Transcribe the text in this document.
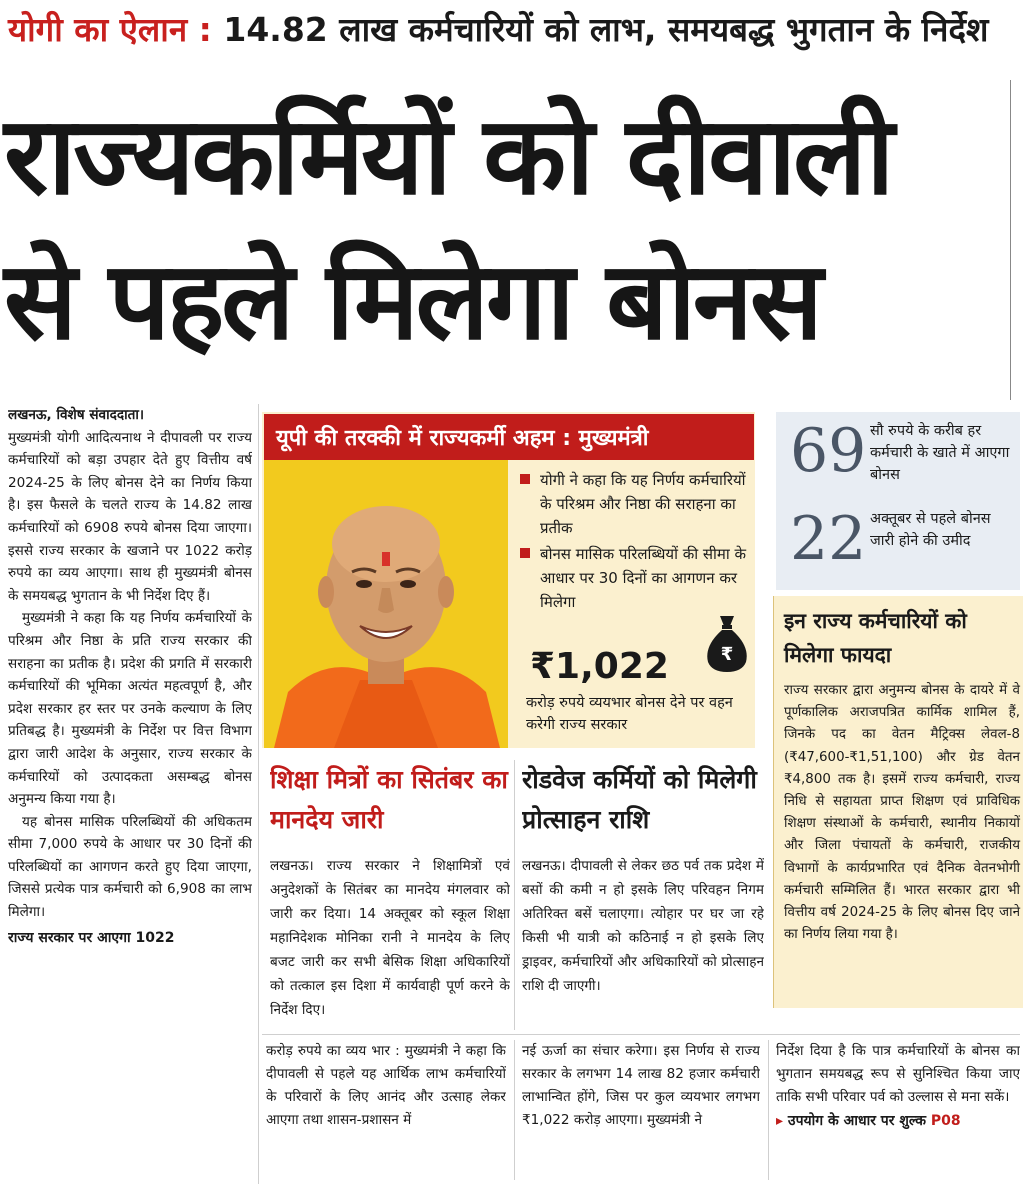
योगी का ऐलान : 14.82 लाख कर्मचारियों को लाभ, समयबद्ध भुगतान के निर्देश
राज्यकर्मियों को दीवाली
से पहले मिलेगा बोनस

लखनऊ, विशेष संवाददाता।

मुख्यमंत्री योगी आदित्यनाथ ने दीपावली पर राज्य कर्मचारियों को बड़ा उपहार देते हुए वित्तीय वर्ष 2024-25 के लिए बोनस देने का निर्णय किया है। इस फैसले के चलते राज्य के 14.82 लाख कर्मचारियों को 6908 रुपये बोनस दिया जाएगा। इससे राज्य सरकार के खजाने पर 1022 करोड़ रुपये का व्यय आएगा। साथ ही मुख्यमंत्री बोनस के समयबद्ध भुगतान के भी निर्देश दिए हैं।

मुख्यमंत्री ने कहा कि यह निर्णय कर्मचारियों के परिश्रम और निष्ठा के प्रति राज्य सरकार की सराहना का प्रतीक है। प्रदेश की प्रगति में सरकारी कर्मचारियों की भूमिका अत्यंत महत्वपूर्ण है, और प्रदेश सरकार हर स्तर पर उनके कल्याण के लिए प्रतिबद्ध है। मुख्यमंत्री के निर्देश पर वित्त विभाग द्वारा जारी आदेश के अनुसार, राज्य सरकार के कर्मचारियों को उत्पादकता असम्बद्ध बोनस अनुमन्य किया गया है।

यह बोनस मासिक परिलब्धियों की अधिकतम सीमा 7,000 रुपये के आधार पर 30 दिनों की परिलब्धियों का आगणन करते हुए दिया जाएगा, जिससे प्रत्येक पात्र कर्मचारी को 6,908 का लाभ मिलेगा।

राज्य सरकार पर आएगा 1022

यूपी की तरक्की में राज्यकर्मी अहम : मुख्यमंत्री
योगी ने कहा कि यह निर्णय कर्मचारियों के परिश्रम और निष्ठा की सराहना का प्रतीक
बोनस मासिक परिलब्धियों की सीमा के आधार पर 30 दिनों का आगणन कर मिलेगा
₹1,022	₹
करोड़ रुपये व्ययभार बोनस देने पर वहन करेगी राज्य सरकार
69 सौ रुपये के करीब हर कर्मचारी के खाते में आएगा बोनस
22 अक्तूबर से पहले बोनस जारी होने की उमीद
इन राज्य कर्मचारियों को मिलेगा फायदा
राज्य सरकार द्वारा अनुमन्य बोनस के दायरे में वे पूर्णकालिक अराजपत्रित कार्मिक शामिल हैं, जिनके पद का वेतन मैट्रिक्स लेवल-8 (₹47,600-₹1,51,100) और ग्रेड वेतन ₹4,800 तक है। इसमें राज्य कर्मचारी, राज्य निधि से सहायता प्राप्त शिक्षण एवं प्राविधिक शिक्षण संस्थाओं के कर्मचारी, स्थानीय निकायों और जिला पंचायतों के कर्मचारी, राजकीय विभागों के कार्यप्रभारित एवं दैनिक वेतनभोगी कर्मचारी सम्मिलित हैं। भारत सरकार द्वारा भी वित्तीय वर्ष 2024-25 के लिए बोनस दिए जाने का निर्णय लिया गया है।
शिक्षा मित्रों का सितंबर का मानदेय जारी

लखनऊ। राज्य सरकार ने शिक्षामित्रों एवं अनुदेशकों के सितंबर का मानदेय मंगलवार को जारी कर दिया। 14 अक्तूबर को स्कूल शिक्षा महानिदेशक मोनिका रानी ने मानदेय के लिए बजट जारी कर सभी बेसिक शिक्षा अधिकारियों को तत्काल इस दिशा में कार्यवाही पूर्ण करने के निर्देश दिए।

रोडवेज कर्मियों को मिलेगी प्रोत्साहन राशि

लखनऊ। दीपावली से लेकर छठ पर्व तक प्रदेश में बसों की कमी न हो इसके लिए परिवहन निगम अतिरिक्त बसें चलाएगा। त्योहार पर घर जा रहे किसी भी यात्री को कठिनाई न हो इसके लिए ड्राइवर, कर्मचारियों और अधिकारियों को प्रोत्साहन राशि दी जाएगी।

करोड़ रुपये का व्यय भार : मुख्यमंत्री ने कहा कि दीपावली से पहले यह आर्थिक लाभ कर्मचारियों के परिवारों के लिए आनंद और उत्साह लेकर आएगा तथा शासन-प्रशासन में

नई ऊर्जा का संचार करेगा। इस निर्णय से राज्य सरकार के लगभग 14 लाख 82 हजार कर्मचारी लाभान्वित होंगे, जिस पर कुल व्ययभार लगभग ₹1,022 करोड़ आएगा। मुख्यमंत्री ने

निर्देश दिया है कि पात्र कर्मचारियों के बोनस का भुगतान समयबद्ध रूप से सुनिश्चित किया जाए ताकि सभी परिवार पर्व को उल्लास से मना सकें।

▸ उपयोग के आधार पर शुल्क P08
